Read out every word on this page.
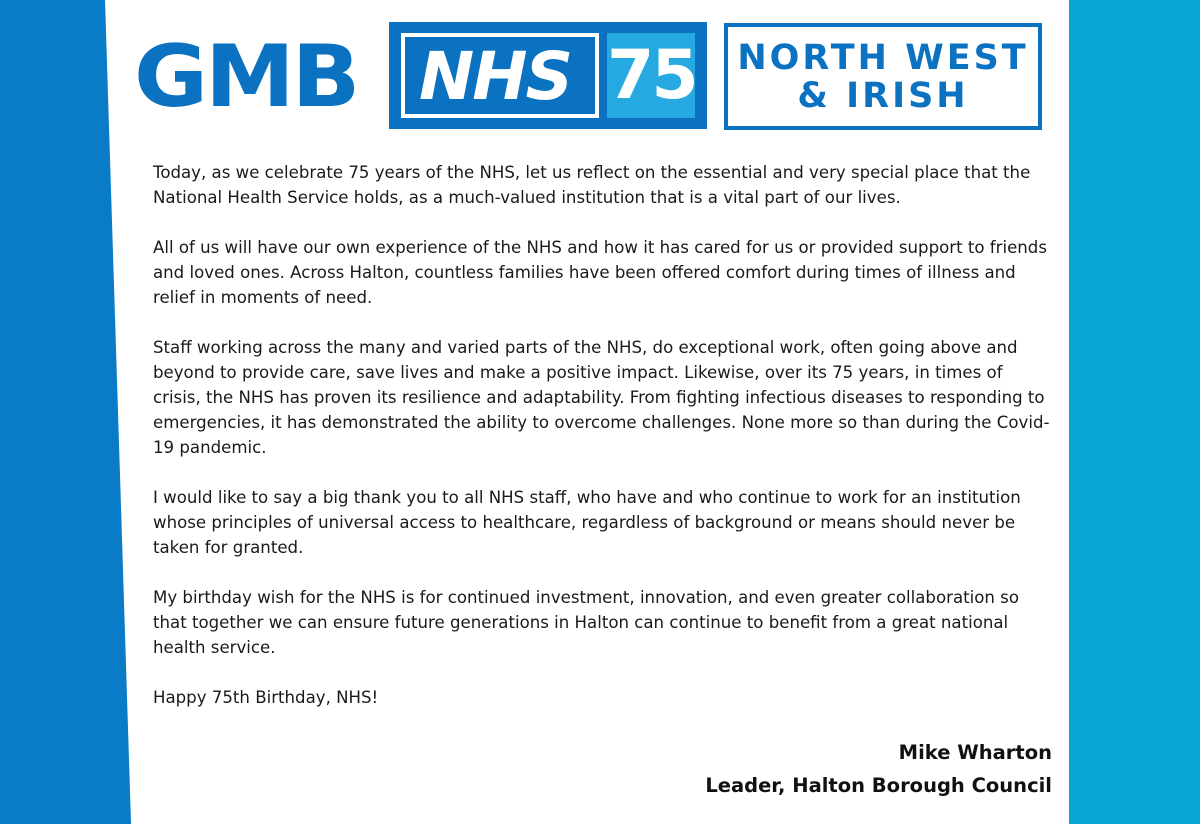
GMB NHS 75 NORTH WEST
& IRISH

Today, as we celebrate 75 years of the NHS, let us reflect on the essential and very special place that the National Health Service holds, as a much-valued institution that is a vital part of our lives.

All of us will have our own experience of the NHS and how it has cared for us or provided support to friends and loved ones. Across Halton, countless families have been offered comfort during times of illness and relief in moments of need.

Staff working across the many and varied parts of the NHS, do exceptional work, often going above and beyond to provide care, save lives and make a positive impact. Likewise, over its 75 years, in times of crisis, the NHS has proven its resilience and adaptability. From fighting infectious diseases to responding to emergencies, it has demonstrated the ability to overcome challenges. None more so than during the Covid-19 pandemic.

I would like to say a big thank you to all NHS staff, who have and who continue to work for an institution whose principles of universal access to healthcare, regardless of background or means should never be taken for granted.

My birthday wish for the NHS is for continued investment, innovation, and even greater collaboration so that together we can ensure future generations in Halton can continue to benefit from a great national health service.

Happy 75th Birthday, NHS!

Mike Wharton
Leader, Halton Borough Council
